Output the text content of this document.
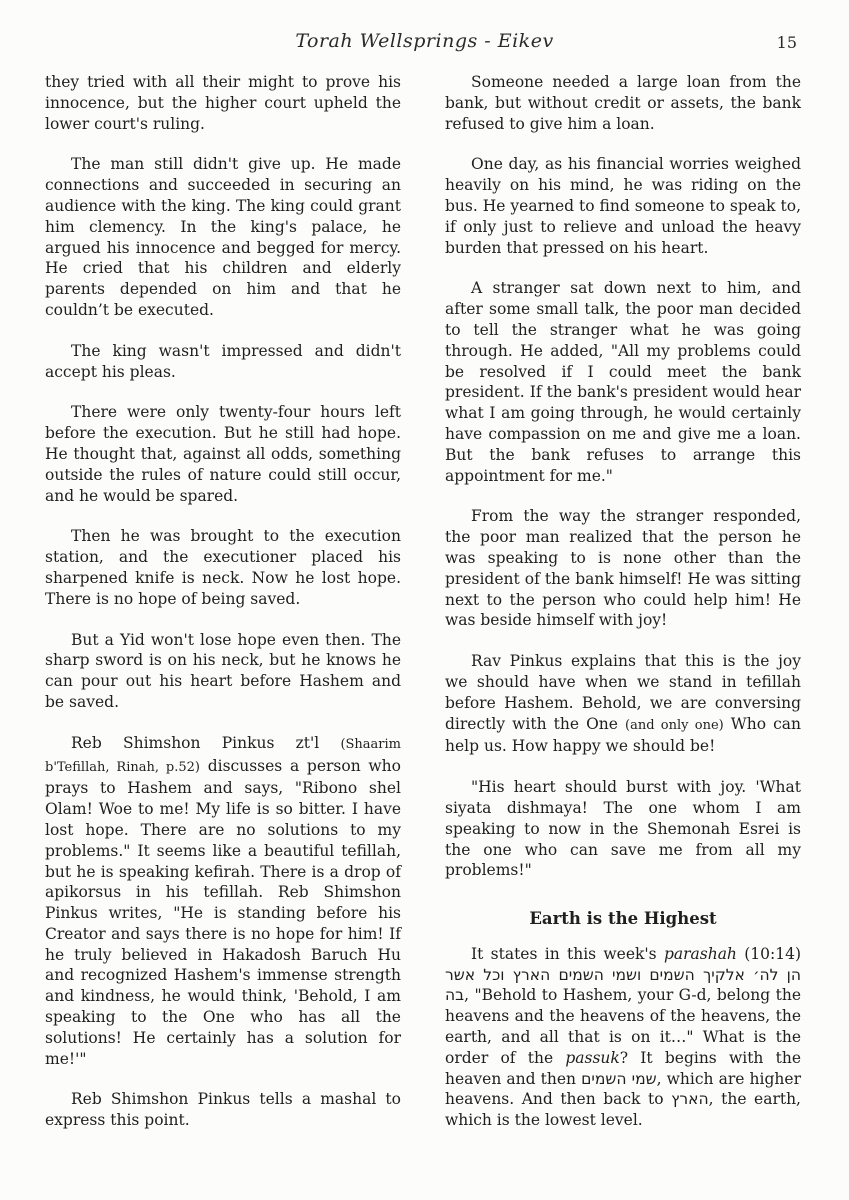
Torah Wellsprings - Eikev	15

they tried with all their might to prove his innocence, but the higher court upheld the lower court's ruling.

The man still didn't give up. He made connections and succeeded in securing an audience with the king. The king could grant him clemency. In the king's palace, he argued his innocence and begged for mercy. He cried that his children and elderly parents depended on him and that he couldn’t be executed.

The king wasn't impressed and didn't accept his pleas.

There were only twenty-four hours left before the execution. But he still had hope. He thought that, against all odds, something outside the rules of nature could still occur, and he would be spared.

Then he was brought to the execution station, and the executioner placed his sharpened knife is neck. Now he lost hope. There is no hope of being saved.

But a Yid won't lose hope even then. The sharp sword is on his neck, but he knows he can pour out his heart before Hashem and be saved.

Reb Shimshon Pinkus zt'l (Shaarim b'Tefillah, Rinah, p.52) discusses a person who prays to Hashem and says, "Ribono shel Olam! Woe to me! My life is so bitter. I have lost hope. There are no solutions to my problems." It seems like a beautiful tefillah, but he is speaking kefirah. There is a drop of apikorsus in his tefillah. Reb Shimshon Pinkus writes, "He is standing before his Creator and says there is no hope for him! If he truly believed in Hakadosh Baruch Hu and recognized Hashem's immense strength and kindness, he would think, 'Behold, I am speaking to the One who has all the solutions! He certainly has a solution for me!'"

Reb Shimshon Pinkus tells a mashal to express this point.

Someone needed a large loan from the bank, but without credit or assets, the bank refused to give him a loan.

One day, as his financial worries weighed heavily on his mind, he was riding on the bus. He yearned to find someone to speak to, if only just to relieve and unload the heavy burden that pressed on his heart.

A stranger sat down next to him, and after some small talk, the poor man decided to tell the stranger what he was going through. He added, "All my problems could be resolved if I could meet the bank president. If the bank's president would hear what I am going through, he would certainly have compassion on me and give me a loan. But the bank refuses to arrange this appointment for me."

From the way the stranger responded, the poor man realized that the person he was speaking to is none other than the president of the bank himself! He was sitting next to the person who could help him! He was beside himself with joy!

Rav Pinkus explains that this is the joy we should have when we stand in tefillah before Hashem. Behold, we are conversing directly with the One (and only one) Who can help us. How happy we should be!

"His heart should burst with joy. 'What siyata dishmaya! The one whom I am speaking to now in the Shemonah Esrei is the one who can save me from all my problems!"

Earth is the Highest

It states in this week's parashah (10:14) הן לה׳ אלקיך השמים ושמי השמים הארץ וכל אשר בה, "Behold to Hashem, your G-d, belong the heavens and the heavens of the heavens, the earth, and all that is on it…" What is the order of the passuk? It begins with the heaven and then שמי השמים, which are higher heavens. And then back to הארץ, the earth, which is the lowest level.
